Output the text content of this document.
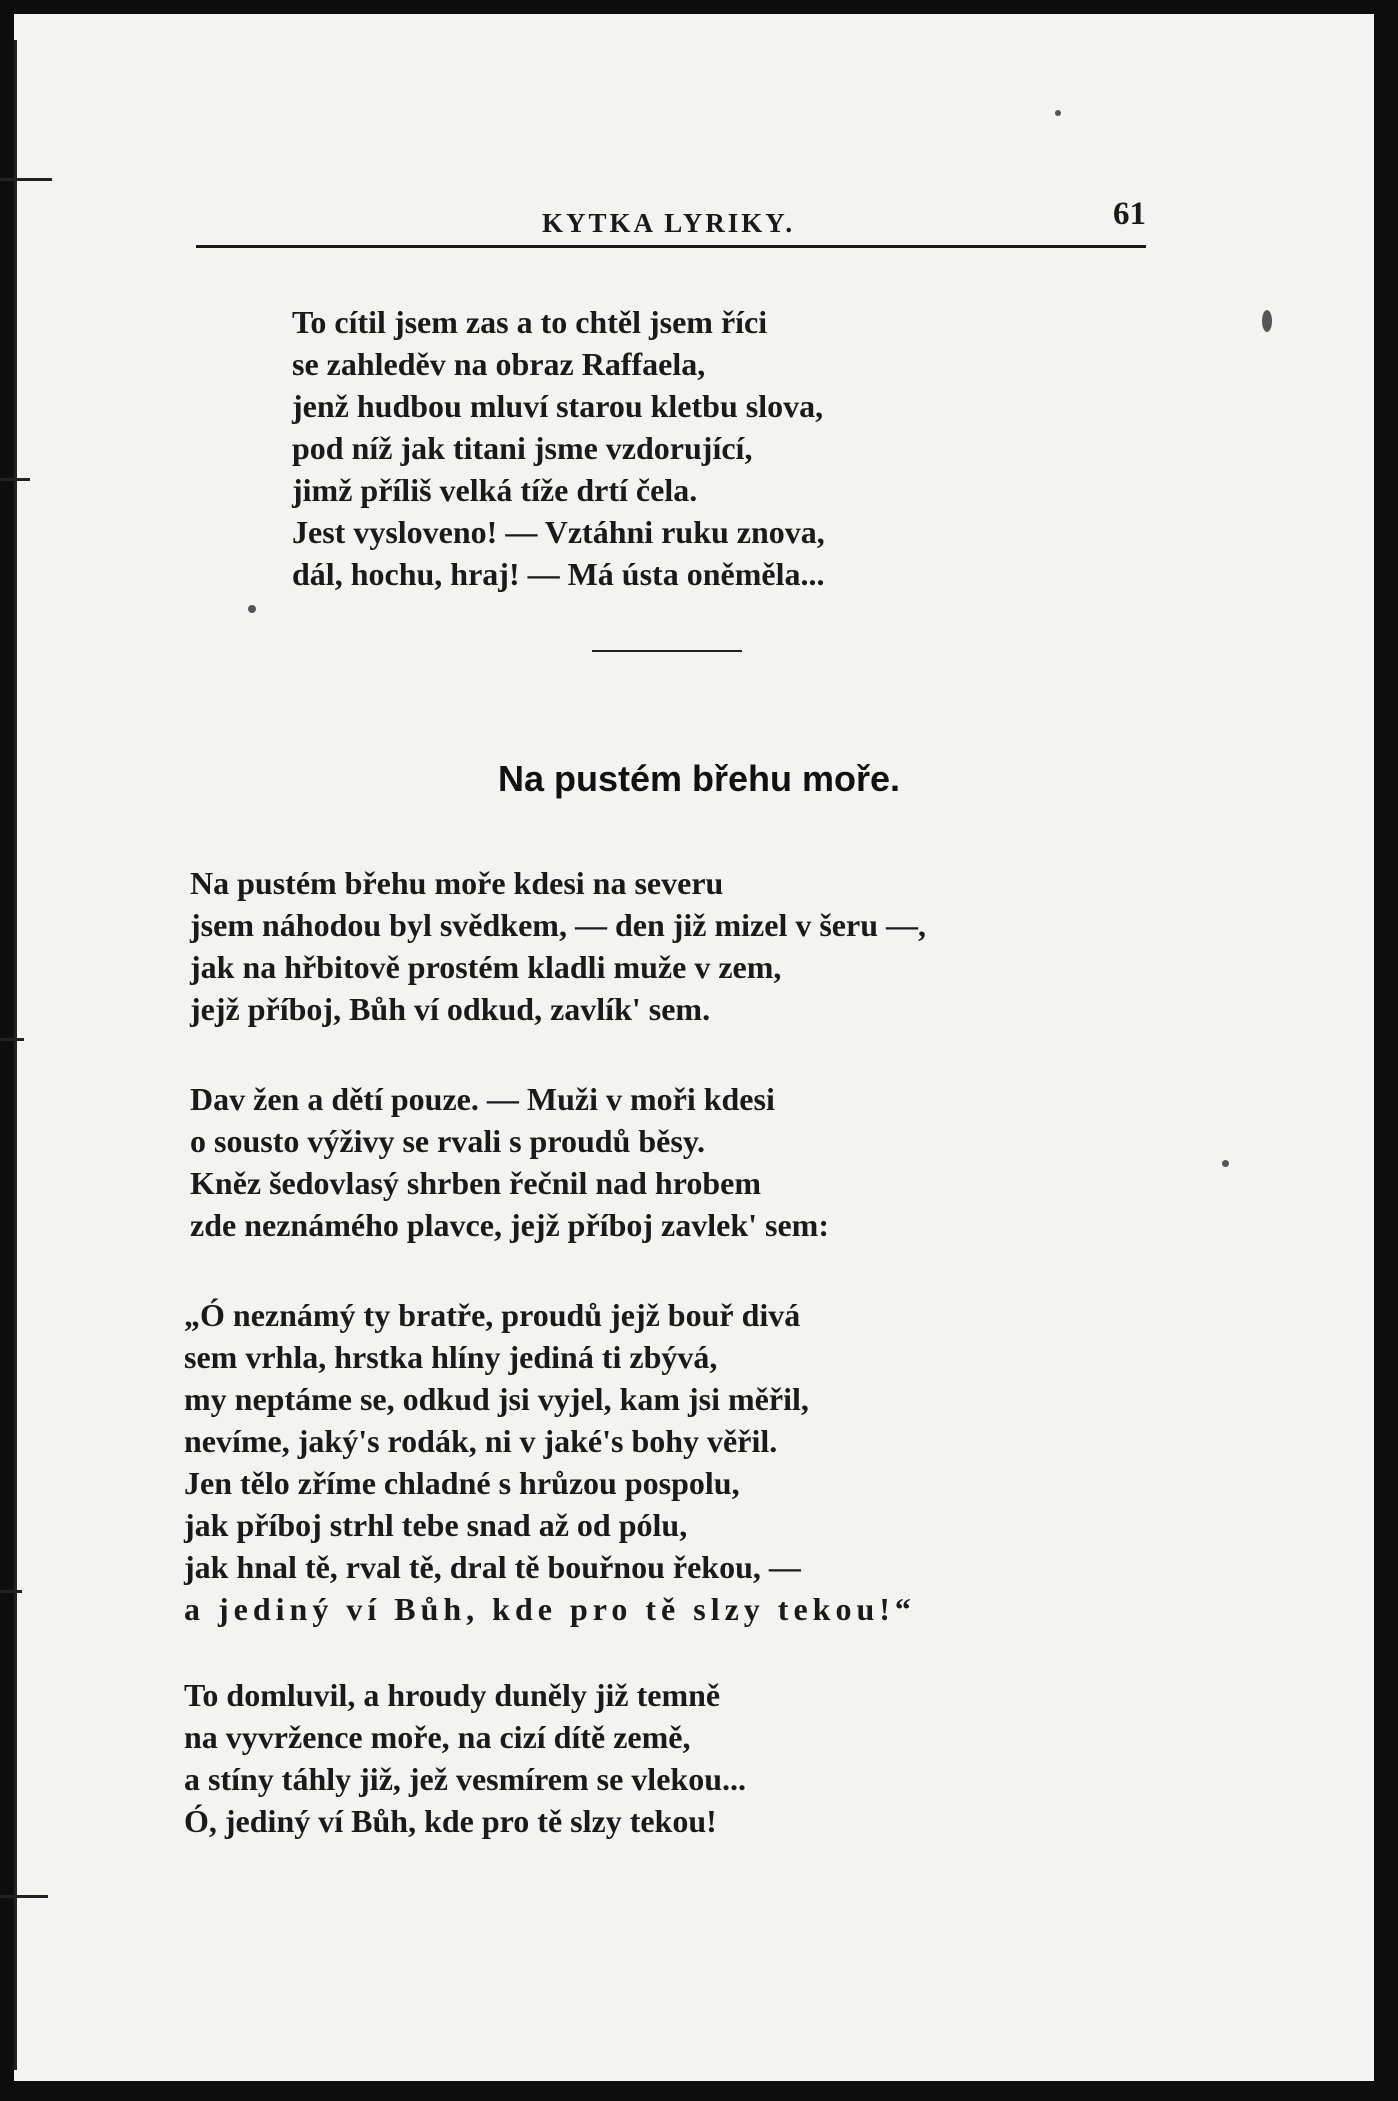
KYTKA LYRIKY.	61
To cítil jsem zas a to chtěl jsem říci
se zahleděv na obraz Raffaela,
jenž hudbou mluví starou kletbu slova,
pod níž jak titani jsme vzdorující,
jimž příliš velká tíže drtí čela.
Jest vysloveno! — Vztáhni ruku znova,
dál, hochu, hraj! — Má ústa oněměla...
Na pustém břehu moře.
Na pustém břehu moře kdesi na severu
jsem náhodou byl svědkem, — den již mizel v šeru —,
jak na hřbitově prostém kladli muže v zem,
jejž příboj, Bůh ví odkud, zavlík' sem.
Dav žen a dětí pouze. — Muži v moři kdesi
o sousto výživy se rvali s proudů běsy.
Kněz šedovlasý shrben řečnil nad hrobem
zde neznámého plavce, jejž příboj zavlek' sem:
„Ó neznámý ty bratře, proudů jejž bouř divá
sem vrhla, hrstka hlíny jediná ti zbývá,
my neptáme se, odkud jsi vyjel, kam jsi měřil,
nevíme, jaký's rodák, ni v jaké's bohy věřil.
Jen tělo zříme chladné s hrůzou pospolu,
jak příboj strhl tebe snad až od pólu,
jak hnal tě, rval tě, dral tě bouřnou řekou, —
a jediný ví Bůh, kde pro tě slzy tekou!“
To domluvil, a hroudy duněly již temně
na vyvržence moře, na cizí dítě země,
a stíny táhly již, jež vesmírem se vlekou...
Ó, jediný ví Bůh, kde pro tě slzy tekou!
